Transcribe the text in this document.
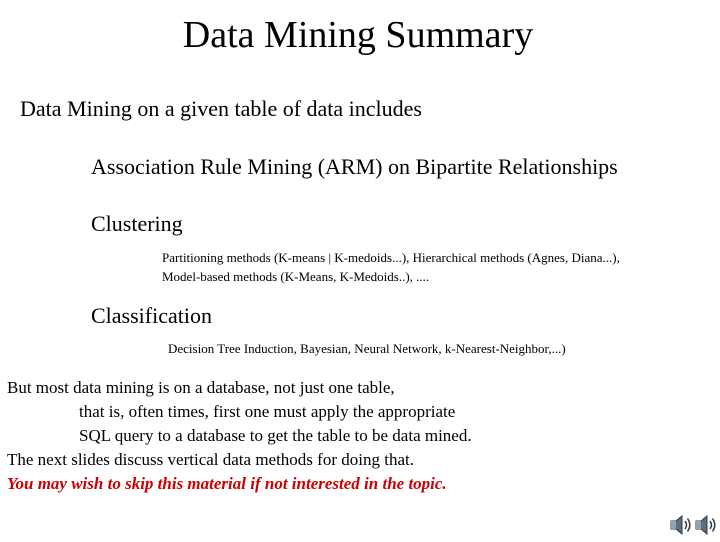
Data Mining Summary
Data Mining on a given table of data includes
Association Rule Mining (ARM) on Bipartite Relationships
Clustering
Partitioning methods (K-means | K-medoids...), Hierarchical methods (Agnes, Diana...),
Model-based methods (K-Means, K-Medoids..), ....
Classification
Decision Tree Induction, Bayesian, Neural Network, k-Nearest-Neighbor,...)
But most data mining is on a database, not just one table,
that is, often times, first one must apply the appropriate
SQL query to a database to get the table to be data mined.
The next slides discuss vertical data methods for doing that.
You may wish to skip this material if not interested in the topic.
